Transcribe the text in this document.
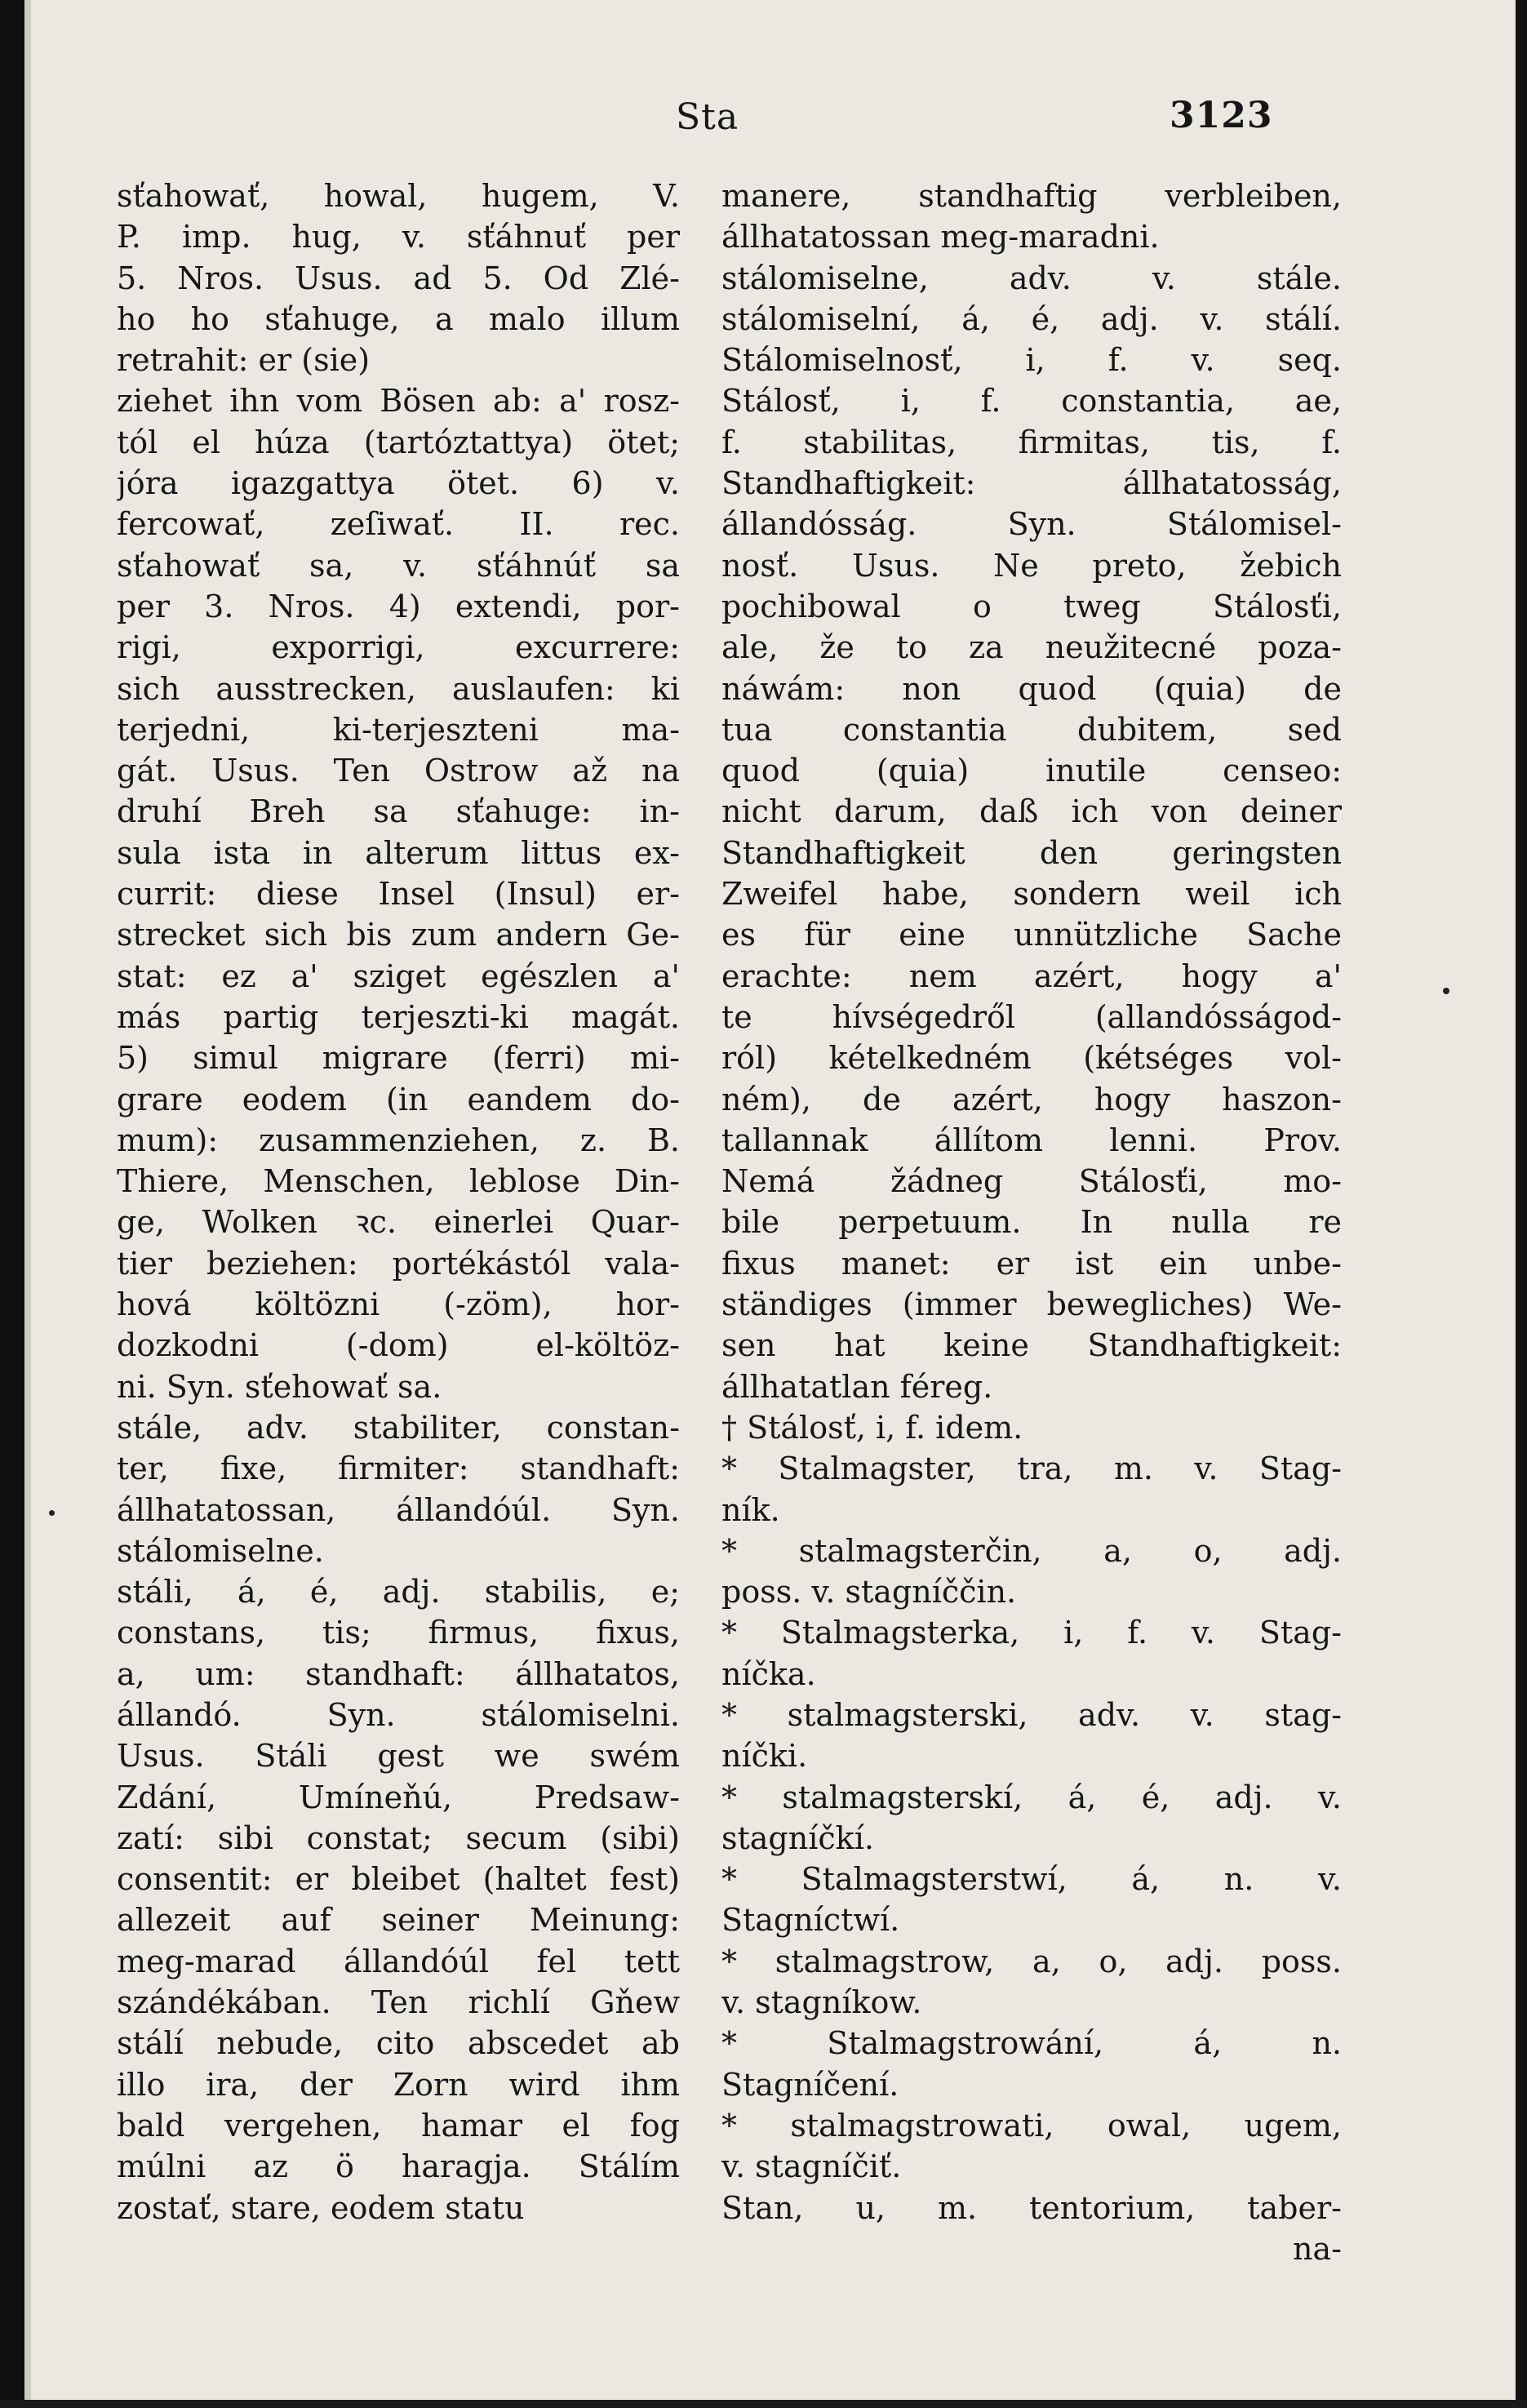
Sta	3123
sťahowať, howal, hugem, V.
P. imp. hug, v. sťáhnuť per
5. Nros. Usus. ad 5. Od Zlé-
ho ho sťahuge, a malo illum
retrahit: er (sie)
ziehet ihn vom Bösen ab: a' rosz-
tól el húza (tartóztattya) ötet;
jóra igazgattya ötet. 6) v.
fercowať, zeſiwať. II. rec.
sťahowať sa, v. sťáhnúť sa
per 3. Nros. 4) extendi, por-
rigi, exporrigi, excurrere:
sich ausstrecken, auslaufen: ki
terjedni, ki-terjeszteni ma-
gát. Usus. Ten Ostrow až na
druhí Breh sa sťahuge: in-
sula ista in alterum littus ex-
currit: diese Insel (Insul) er-
strecket sich bis zum andern Ge-
stat: ez a' sziget egészlen a'
más partig terjeszti-ki magát.
5) simul migrare (ferri) mi-
grare eodem (in eandem do-
mum): zusammenziehen, z. B.
Thiere, Menschen, leblose Din-
ge, Wolken ꝛc. einerlei Quar-
tier beziehen: portékástól vala-
hová költözni (-zöm), hor-
dozkodni (-dom) el-költöz-
ni. Syn. sťehowať sa.
stále, adv. stabiliter, constan-
ter, fixe, firmiter: standhaft:
állhatatossan, állandóúl. Syn.
stálomiselne.
stáli, á, é, adj. stabilis, e;
constans, tis; firmus, fixus,
a, um: standhaft: állhatatos,
állandó. Syn. stálomiselni.
Usus. Stáli gest we swém
Zdání, Umíneňú, Predsaw-
zatí: sibi constat; secum (sibi)
consentit: er bleibet (haltet fest)
allezeit auf seiner Meinung:
meg-marad állandóúl fel tett
szándékában. Ten richlí Gňew
stálí nebude, cito abscedet ab
illo ira, der Zorn wird ihm
bald vergehen, hamar el fog
múlni az ö haragja. Stálím
zostať, stare, eodem statu
manere, standhaftig verbleiben,
állhatatossan meg-maradni.
stálomiselne, adv. v. stále.
stálomiselní, á, é, adj. v. stálí.
Stálomiselnosť, i, f. v. seq.
Stálosť, i, f. constantia, ae,
f. stabilitas, firmitas, tis, f.
Standhaftigkeit: állhatatosság,
állandósság. Syn. Stálomisel-
nosť. Usus. Ne preto, žebich
pochibowal o tweg Stálosťi,
ale, že to za neužitecné poza-
náwám: non quod (quia) de
tua constantia dubitem, sed
quod (quia) inutile censeo:
nicht darum, daß ich von deiner
Standhaftigkeit den geringsten
Zweifel habe, sondern weil ich
es für eine unnützliche Sache
erachte: nem azért, hogy a'
te hívségedről (allandósságod-
ról) kételkedném (kétséges vol-
ném), de azért, hogy haszon-
tallannak állítom lenni. Prov.
Nemá žádneg Stálosťi, mo-
bile perpetuum. In nulla re
fixus manet: er ist ein unbe-
ständiges (immer bewegliches) We-
sen hat keine Standhaftigkeit:
állhatatlan féreg.
† Stálosť, i, f. idem.
* Stalmagster, tra, m. v. Stag-
ník.
* stalmagsterčin, a, o, adj.
poss. v. stagníččin.
* Stalmagsterka, i, f. v. Stag-
níčka.
* stalmagsterski, adv. v. stag-
níčki.
* stalmagsterskí, á, é, adj. v.
stagníčkí.
* Stalmagsterstwí, á, n. v.
Stagníctwí.
* stalmagstrow, a, o, adj. poss.
v. stagníkow.
* Stalmagstrowání, á, n.
Stagníčení.
* stalmagstrowati, owal, ugem,
v. stagníčiť.
Stan, u, m. tentorium, taber-
na-
